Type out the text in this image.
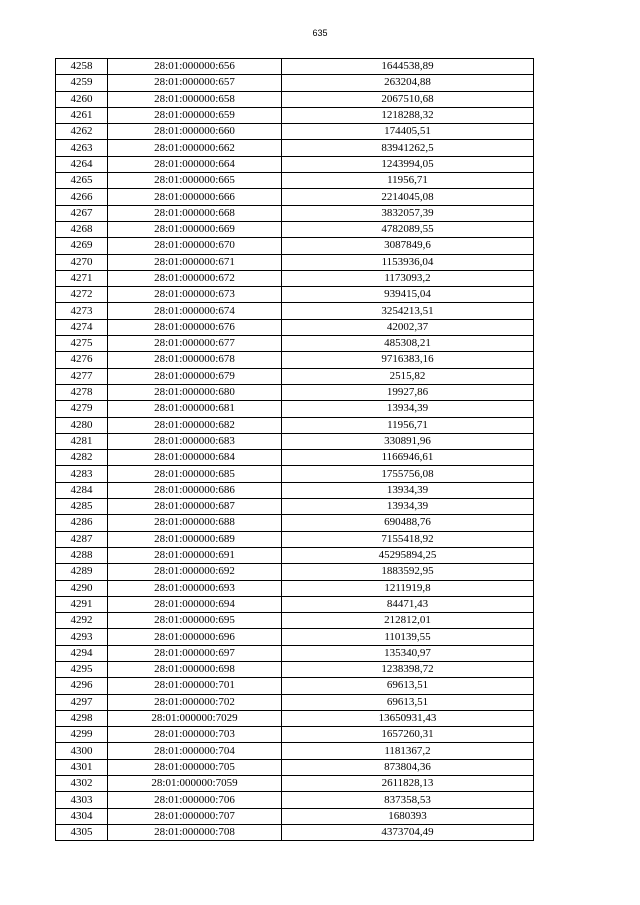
635
4258	28:01:000000:656	1644538,89
4259	28:01:000000:657	263204,88
4260	28:01:000000:658	2067510,68
4261	28:01:000000:659	1218288,32
4262	28:01:000000:660	174405,51
4263	28:01:000000:662	83941262,5
4264	28:01:000000:664	1243994,05
4265	28:01:000000:665	11956,71
4266	28:01:000000:666	2214045,08
4267	28:01:000000:668	3832057,39
4268	28:01:000000:669	4782089,55
4269	28:01:000000:670	3087849,6
4270	28:01:000000:671	1153936,04
4271	28:01:000000:672	1173093,2
4272	28:01:000000:673	939415,04
4273	28:01:000000:674	3254213,51
4274	28:01:000000:676	42002,37
4275	28:01:000000:677	485308,21
4276	28:01:000000:678	9716383,16
4277	28:01:000000:679	2515,82
4278	28:01:000000:680	19927,86
4279	28:01:000000:681	13934,39
4280	28:01:000000:682	11956,71
4281	28:01:000000:683	330891,96
4282	28:01:000000:684	1166946,61
4283	28:01:000000:685	1755756,08
4284	28:01:000000:686	13934,39
4285	28:01:000000:687	13934,39
4286	28:01:000000:688	690488,76
4287	28:01:000000:689	7155418,92
4288	28:01:000000:691	45295894,25
4289	28:01:000000:692	1883592,95
4290	28:01:000000:693	1211919,8
4291	28:01:000000:694	84471,43
4292	28:01:000000:695	212812,01
4293	28:01:000000:696	110139,55
4294	28:01:000000:697	135340,97
4295	28:01:000000:698	1238398,72
4296	28:01:000000:701	69613,51
4297	28:01:000000:702	69613,51
4298	28:01:000000:7029	13650931,43
4299	28:01:000000:703	1657260,31
4300	28:01:000000:704	1181367,2
4301	28:01:000000:705	873804,36
4302	28:01:000000:7059	2611828,13
4303	28:01:000000:706	837358,53
4304	28:01:000000:707	1680393
4305	28:01:000000:708	4373704,49
